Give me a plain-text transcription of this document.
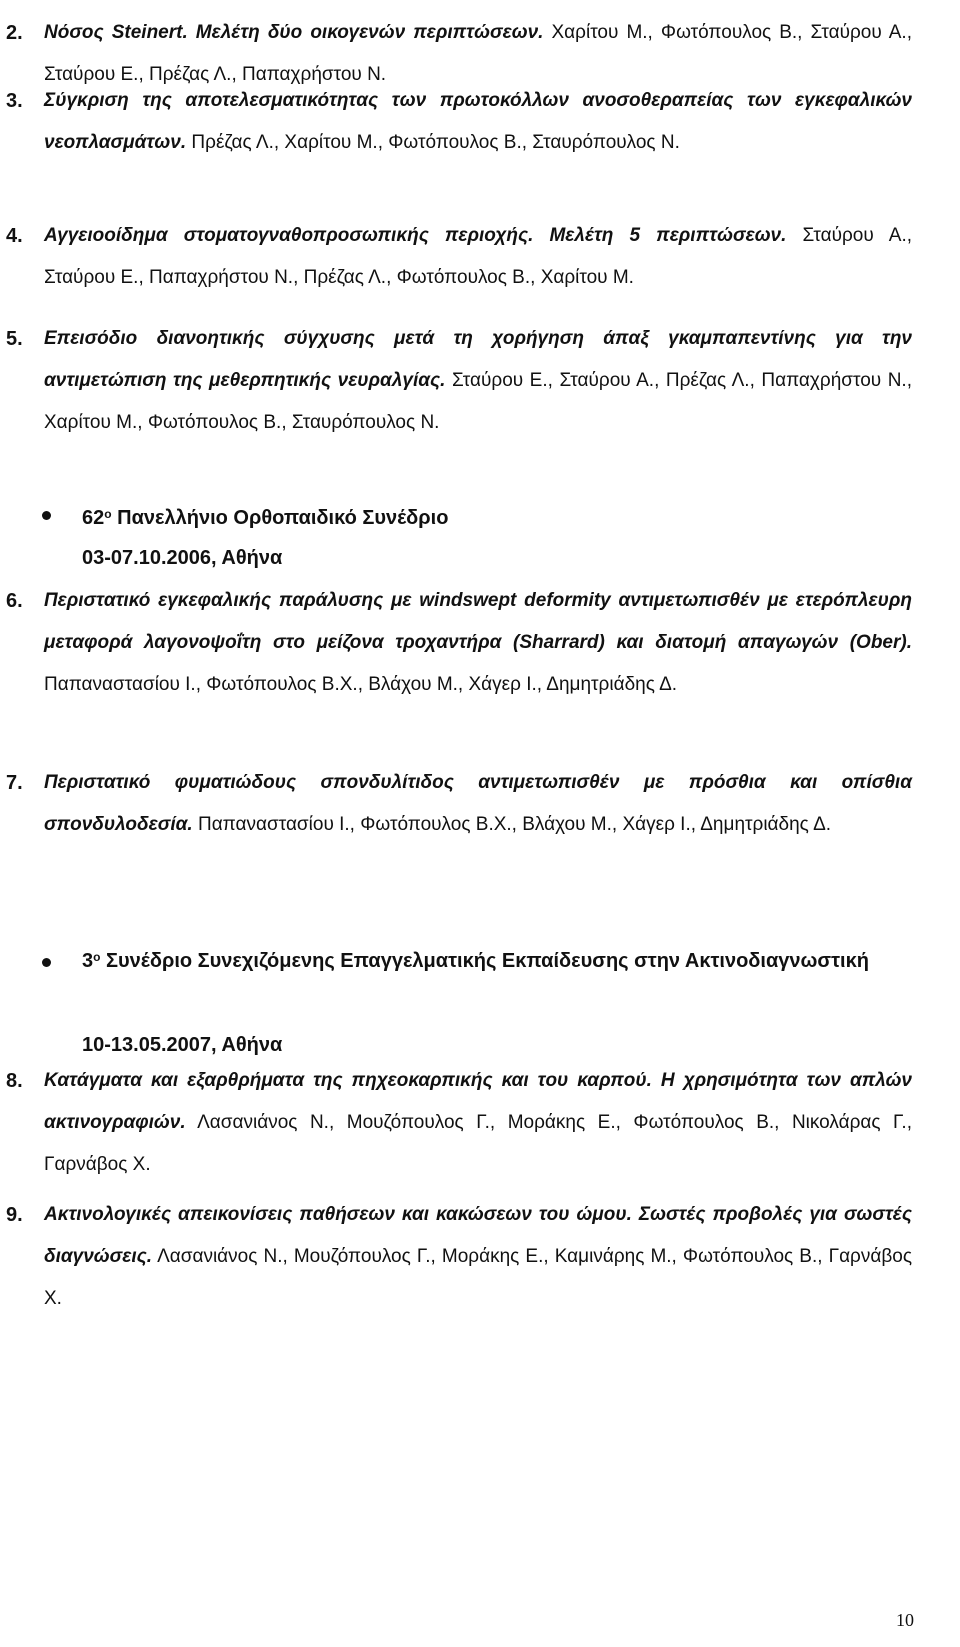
2. Νόσος Steinert. Μελέτη δύο οικογενών περιπτώσεων. Χαρίτου Μ., Φωτόπουλος Β., Σταύρου Α., Σταύρου Ε., Πρέζας Λ., Παπαχρήστου Ν.
3. Σύγκριση της αποτελεσματικότητας των πρωτοκόλλων ανοσοθεραπείας των εγκεφαλικών νεοπλασμάτων. Πρέζας Λ., Χαρίτου Μ., Φωτόπουλος Β., Σταυρόπουλος Ν.
4. Αγγειοοίδημα στοματογναθοπροσωπικής περιοχής. Μελέτη 5 περιπτώσεων. Σταύρου Α., Σταύρου Ε., Παπαχρήστου Ν., Πρέζας Λ., Φωτόπουλος Β., Χαρίτου Μ.
5. Επεισόδιο διανοητικής σύγχυσης μετά τη χορήγηση άπαξ γκαμπαπεντίνης για την αντιμετώπιση της μεθερπητικής νευραλγίας. Σταύρου Ε., Σταύρου Α., Πρέζας Λ., Παπαχρήστου Ν., Χαρίτου Μ., Φωτόπουλος Β., Σταυρόπουλος Ν.
$62^o$ Πανελλήνιο Ορθοπαιδικό Συνέδριο
03-07.10.2006, Αθήνα
6. Περιστατικό εγκεφαλικής παράλυσης με windswept deformity αντιμετωπισθέν με ετερόπλευρη μεταφορά λαγονοψοΐτη στο μείζονα τροχαντήρα (Sharrard) και διατομή απαγωγών (Ober). Παπαναστασίου Ι., Φωτόπουλος Β.Χ., Βλάχου Μ., Χάγερ Ι., Δημητριάδης Δ.
7. Περιστατικό φυματιώδους σπονδυλίτιδος αντιμετωπισθέν με πρόσθια και οπίσθια σπονδυλοδεσία. Παπαναστασίου Ι., Φωτόπουλος Β.Χ., Βλάχου Μ., Χάγερ Ι., Δημητριάδης Δ.
$3^o$ Συνέδριο Συνεχιζόμενης Επαγγελματικής Εκπαίδευσης στην Ακτινοδιαγνωστική
10-13.05.2007, Αθήνα
8. Κατάγματα και εξαρθρήματα της πηχεοκαρπικής και του καρπού. Η χρησιμότητα των απλών ακτινογραφιών. Λασανιάνος Ν., Μουζόπουλος Γ., Μοράκης Ε., Φωτόπουλος Β., Νικολάρας Γ., Γαρνάβος Χ.
9. Ακτινολογικές απεικονίσεις παθήσεων και κακώσεων του ώμου. Σωστές προβολές για σωστές διαγνώσεις. Λασανιάνος Ν., Μουζόπουλος Γ., Μοράκης Ε., Καμινάρης Μ., Φωτόπουλος Β., Γαρνάβος Χ.
10
